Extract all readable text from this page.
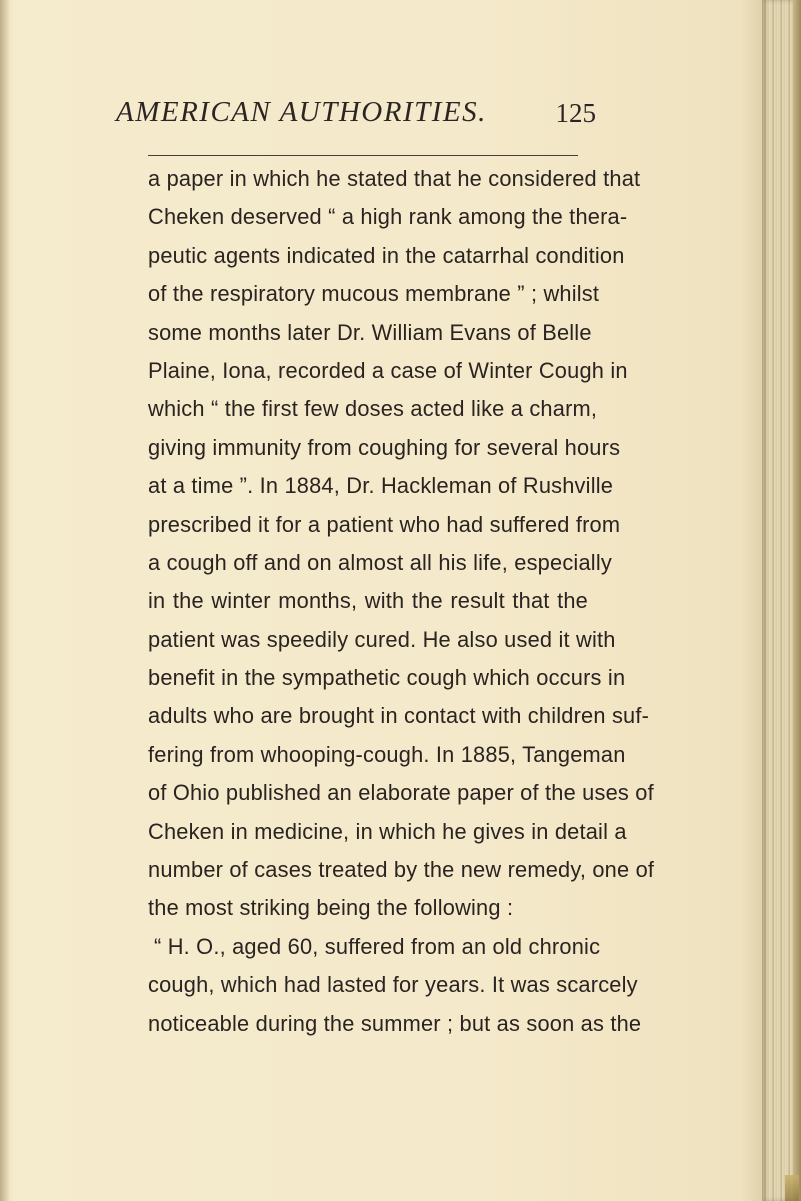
AMERICAN AUTHORITIES.	125
a paper in which he stated that he considered that
Cheken deserved “ a high rank among the thera-
peutic agents indicated in the catarrhal condition
of the respiratory mucous membrane ” ; whilst
some months later Dr. William Evans of Belle
Plaine, Iona, recorded a case of Winter Cough in
which “ the first few doses acted like a charm,
giving immunity from coughing for several hours
at a time ”. In 1884, Dr. Hackleman of Rushville
prescribed it for a patient who had suffered from
a cough off and on almost all his life, especially
in the winter months, with the result that the
patient was speedily cured. He also used it with
benefit in the sympathetic cough which occurs in
adults who are brought in contact with children suf-
fering from whooping-cough. In 1885, Tangeman
of Ohio published an elaborate paper of the uses of
Cheken in medicine, in which he gives in detail a
number of cases treated by the new remedy, one of
the most striking being the following :
“ H. O., aged 60, suffered from an old chronic
cough, which had lasted for years. It was scarcely
noticeable during the summer ; but as soon as the
